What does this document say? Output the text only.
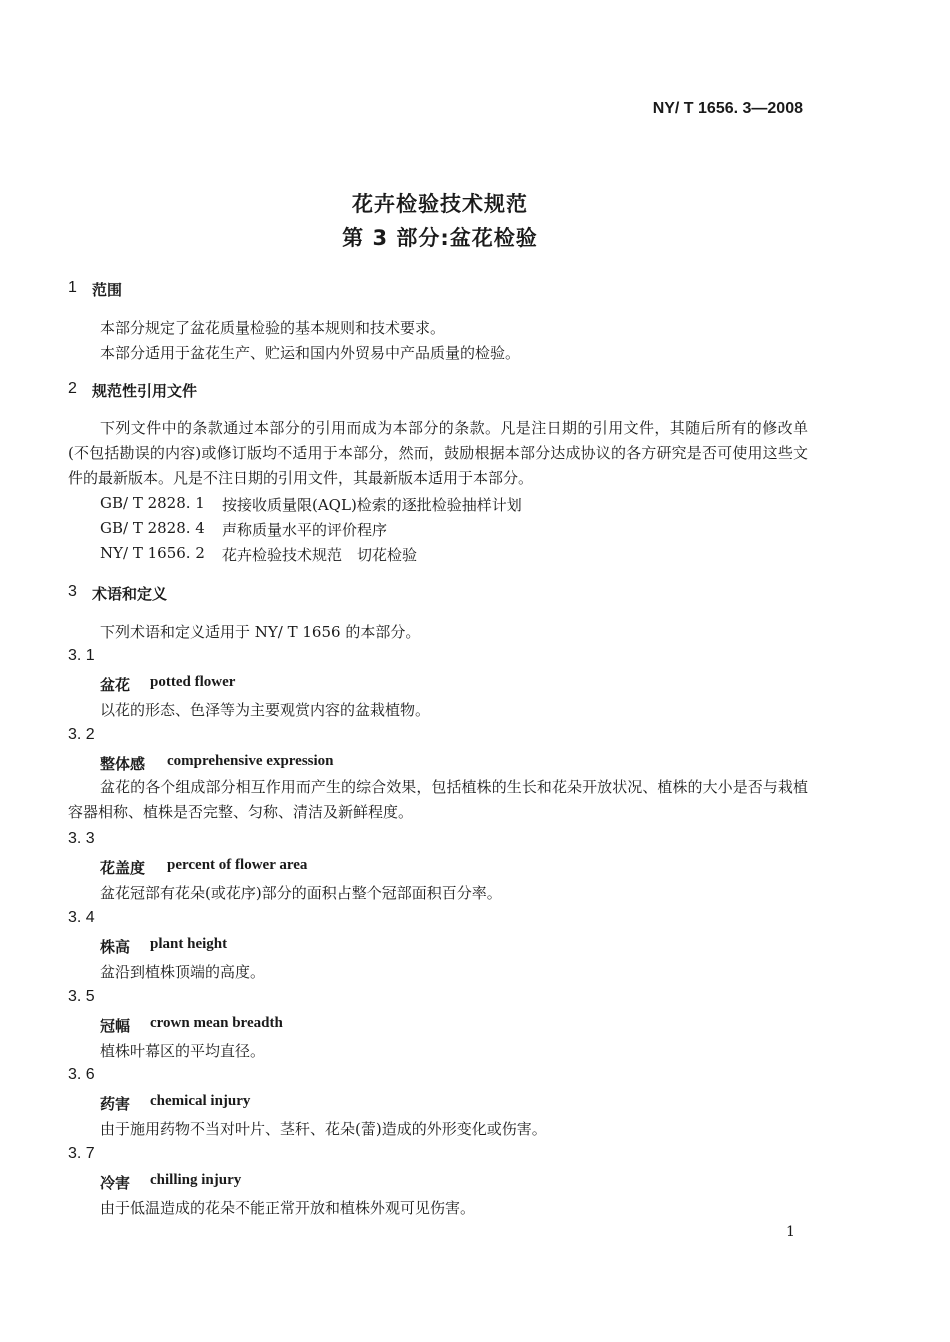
NY/ T 1656. 3—2008
花卉检验技术规范
第 3 部分:盆花检验
1 范围
本部分规定了盆花质量检验的基本规则和技术要求。
本部分适用于盆花生产、贮运和国内外贸易中产品质量的检验。
2 规范性引用文件
下列文件中的条款通过本部分的引用而成为本部分的条款。凡是注日期的引用文件，其随后所有的修改单(不包括勘误的内容)或修订版均不适用于本部分，然而，鼓励根据本部分达成协议的各方研究是否可使用这些文件的最新版本。凡是不注日期的引用文件，其最新版本适用于本部分。
GB/ T 2828. 1 按接收质量限(AQL)检索的逐批检验抽样计划
GB/ T 2828. 4 声称质量水平的评价程序
NY/ T 1656. 2 花卉检验技术规范　切花检验
3 术语和定义
下列术语和定义适用于 NY/ T 1656 的本部分。
3. 1
盆花 potted flower
以花的形态、色泽等为主要观赏内容的盆栽植物。
3. 2
整体感 comprehensive expression
盆花的各个组成部分相互作用而产生的综合效果，包括植株的生长和花朵开放状况、植株的大小是否与栽植容器相称、植株是否完整、匀称、清洁及新鲜程度。
3. 3
花盖度 percent of flower area
盆花冠部有花朵(或花序)部分的面积占整个冠部面积百分率。
3. 4
株高 plant height
盆沿到植株顶端的高度。
3. 5
冠幅 crown mean breadth
植株叶幕区的平均直径。
3. 6
药害 chemical injury
由于施用药物不当对叶片、茎秆、花朵(蕾)造成的外形变化或伤害。
3. 7
冷害 chilling injury
由于低温造成的花朵不能正常开放和植株外观可见伤害。
1
